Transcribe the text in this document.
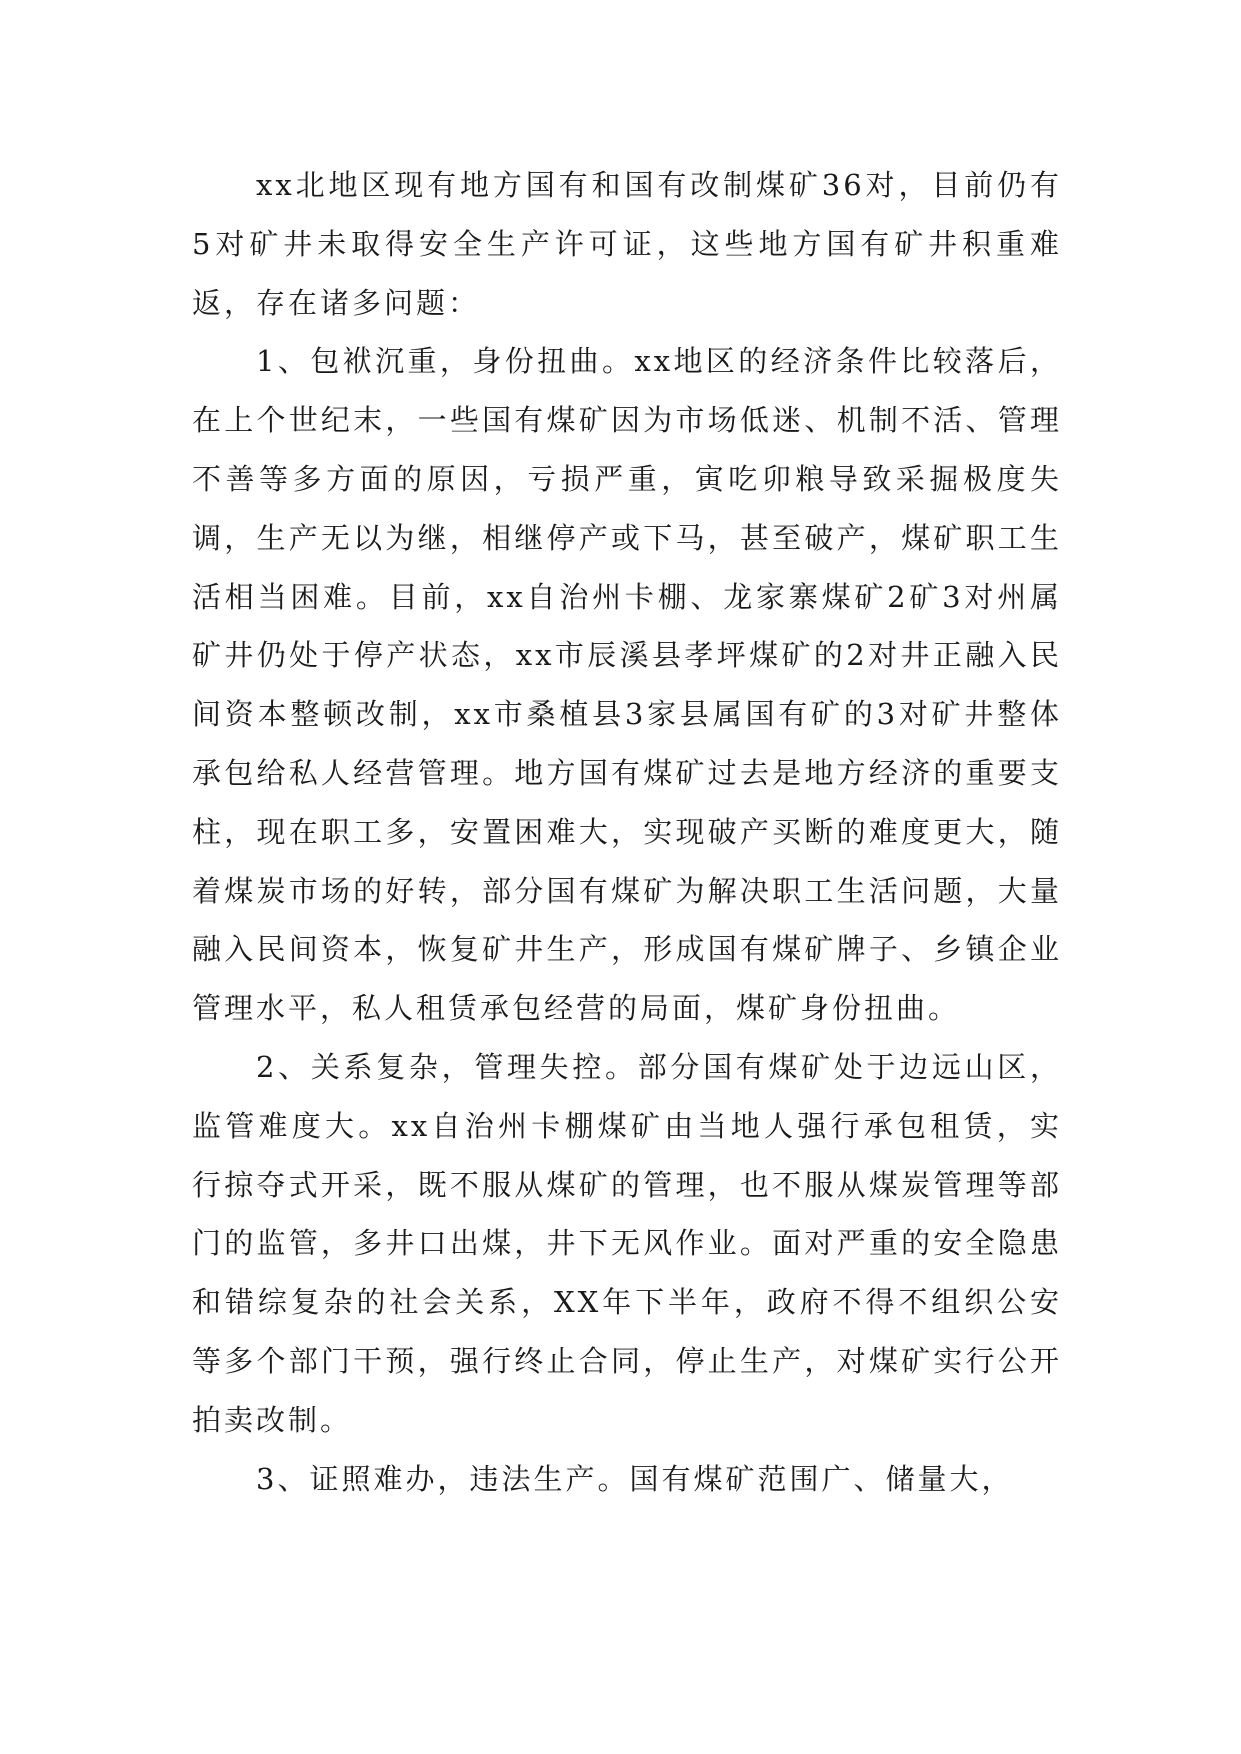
xx北地区现有地方国有和国有改制煤矿36对，目前仍有5对矿井未取得安全生产许可证，这些地方国有矿井积重难返，存在诸多问题：

1、包袱沉重，身份扭曲。xx地区的经济条件比较落后，在上个世纪末，一些国有煤矿因为市场低迷、机制不活、管理不善等多方面的原因，亏损严重，寅吃卯粮导致采掘极度失调，生产无以为继，相继停产或下马，甚至破产，煤矿职工生活相当困难。目前，xx自治州卡棚、龙家寨煤矿2矿3对州属矿井仍处于停产状态，xx市辰溪县孝坪煤矿的2对井正融入民间资本整顿改制，xx市桑植县3家县属国有矿的3对矿井整体承包给私人经营管理。地方国有煤矿过去是地方经济的重要支柱，现在职工多，安置困难大，实现破产买断的难度更大，随着煤炭市场的好转，部分国有煤矿为解决职工生活问题，大量融入民间资本，恢复矿井生产，形成国有煤矿牌子、乡镇企业管理水平，私人租赁承包经营的局面，煤矿身份扭曲。

2、关系复杂，管理失控。部分国有煤矿处于边远山区，监管难度大。xx自治州卡棚煤矿由当地人强行承包租赁，实行掠夺式开采，既不服从煤矿的管理，也不服从煤炭管理等部门的监管，多井口出煤，井下无风作业。面对严重的安全隐患和错综复杂的社会关系，XX年下半年，政府不得不组织公安等多个部门干预，强行终止合同，停止生产，对煤矿实行公开拍卖改制。

3、证照难办，违法生产。国有煤矿范围广、储量大，
